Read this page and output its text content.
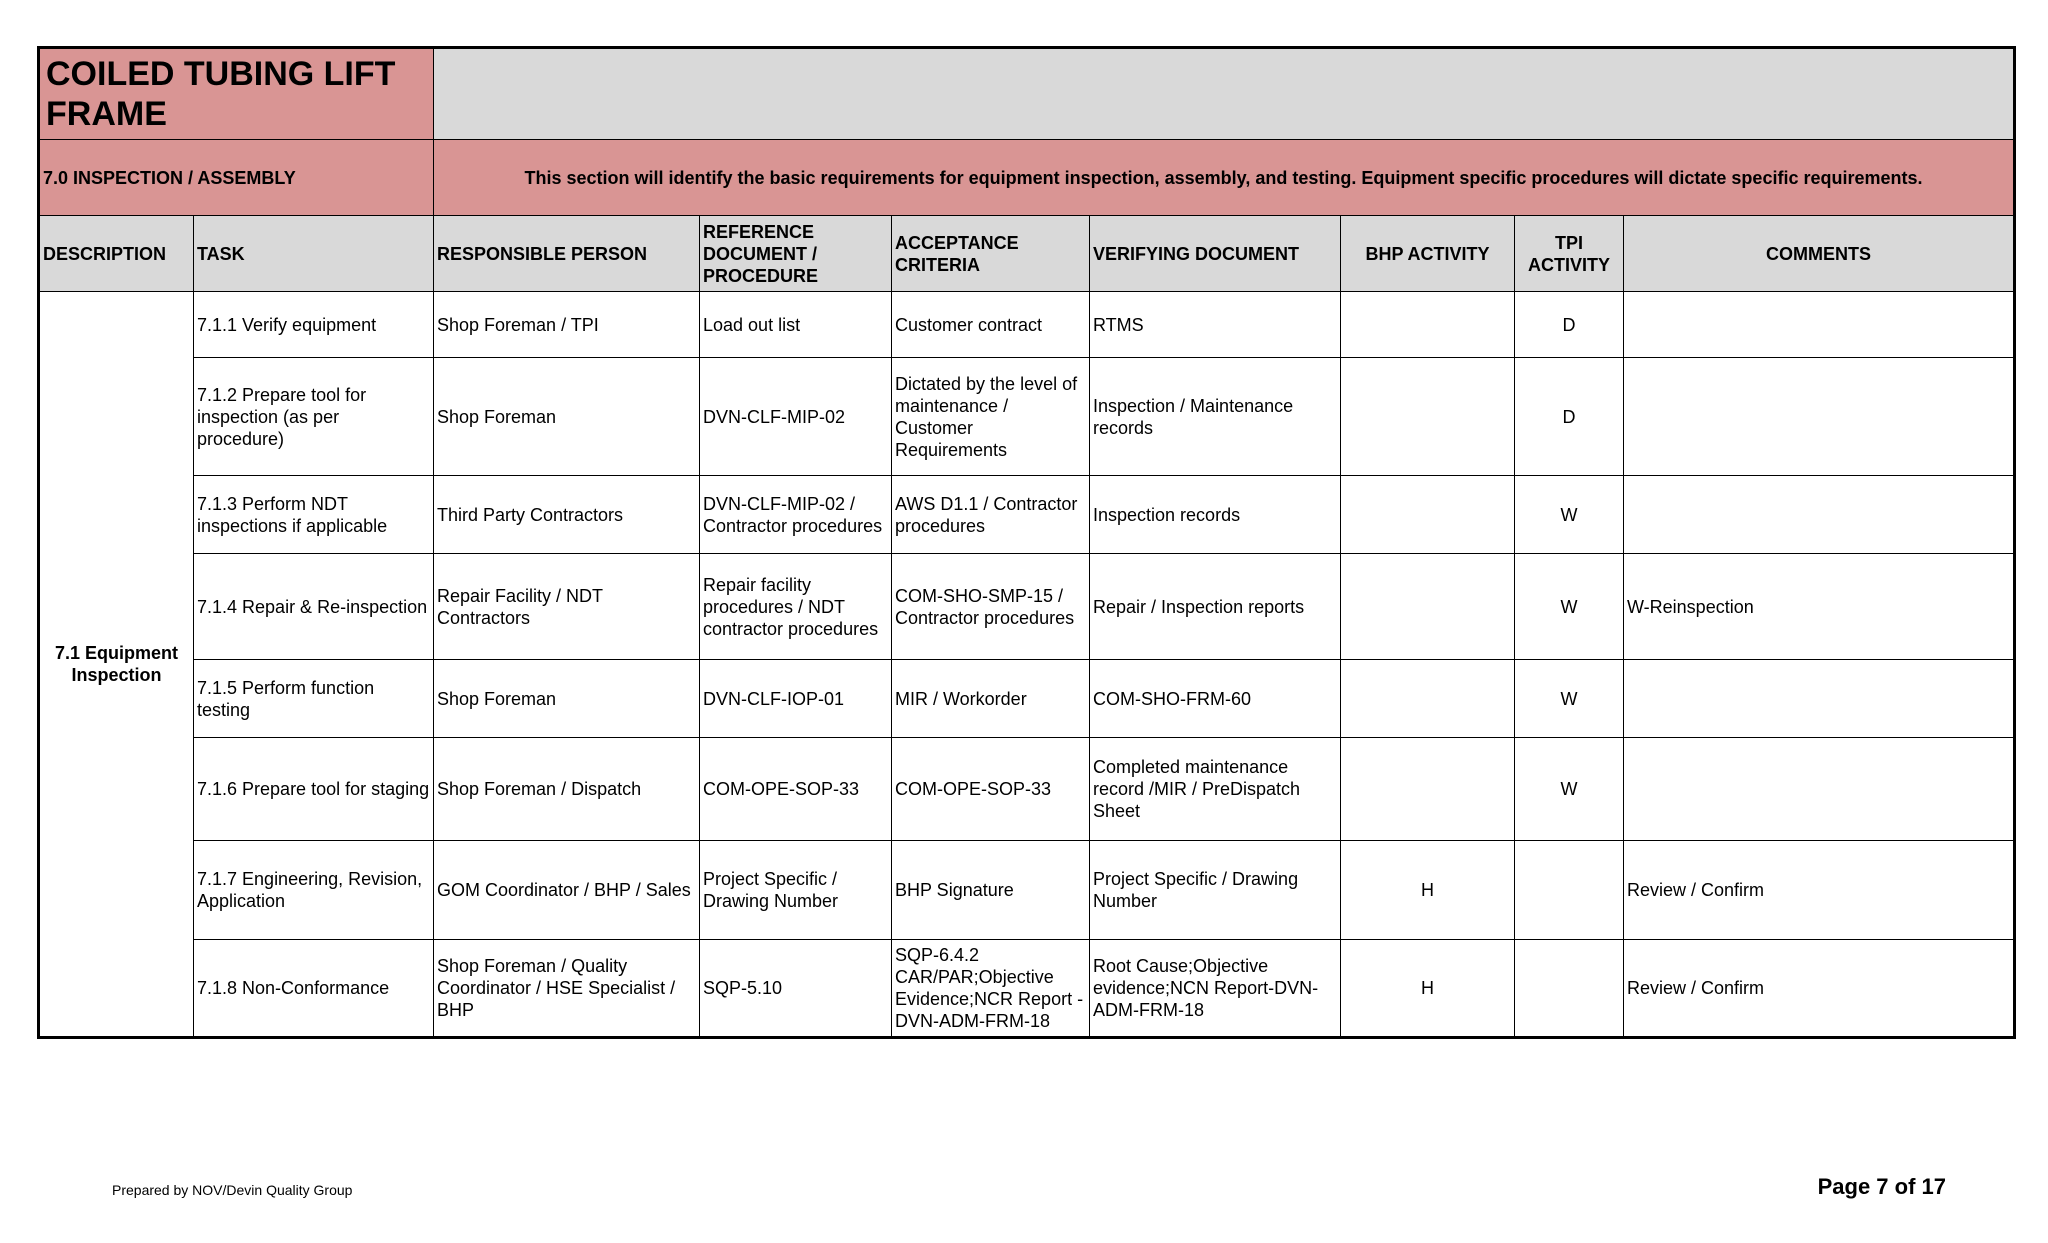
COILED TUBING LIFT FRAME								
7.0 INSPECTION / ASSEMBLY		This section will identify the basic requirements for equipment inspection, assembly, and testing. Equipment specific procedures will dictate specific requirements.						
DESCRIPTION	TASK	RESPONSIBLE PERSON	REFERENCE DOCUMENT / PROCEDURE	ACCEPTANCE CRITERIA	VERIFYING DOCUMENT	BHP ACTIVITY	TPI ACTIVITY	COMMENTS
7.1 Equipment Inspection	7.1.1 Verify equipment	Shop Foreman / TPI	Load out list	Customer contract	RTMS		D	
	7.1.2 Prepare tool for inspection (as per procedure)	Shop Foreman	DVN-CLF-MIP-02	Dictated by the level of maintenance / Customer Requirements	Inspection / Maintenance records		D	
	7.1.3 Perform NDT inspections if applicable	Third Party Contractors	DVN-CLF-MIP-02 / Contractor procedures	AWS D1.1 / Contractor procedures	Inspection records		W	
	7.1.4 Repair & Re-inspection	Repair Facility / NDT Contractors	Repair facility procedures / NDT contractor procedures	COM-SHO-SMP-15 / Contractor procedures	Repair / Inspection reports		W	W-Reinspection
	7.1.5 Perform function testing	Shop Foreman	DVN-CLF-IOP-01	MIR / Workorder	COM-SHO-FRM-60		W	
	7.1.6 Prepare tool for staging	Shop Foreman / Dispatch	COM-OPE-SOP-33	COM-OPE-SOP-33	Completed maintenance record /MIR / PreDispatch Sheet		W	
	7.1.7 Engineering, Revision, Application	GOM Coordinator / BHP / Sales	Project Specific / Drawing Number	BHP Signature	Project Specific / Drawing Number	H		Review / Confirm
	7.1.8 Non-Conformance	Shop Foreman / Quality Coordinator / HSE Specialist / BHP	SQP-5.10	SQP-6.4.2 CAR/PAR;Objective Evidence;NCR Report - DVN-ADM-FRM-18	Root Cause;Objective evidence;NCN Report-DVN-ADM-FRM-18	H		Review / Confirm
Prepared by NOV/Devin Quality Group	Page 7 of 17
